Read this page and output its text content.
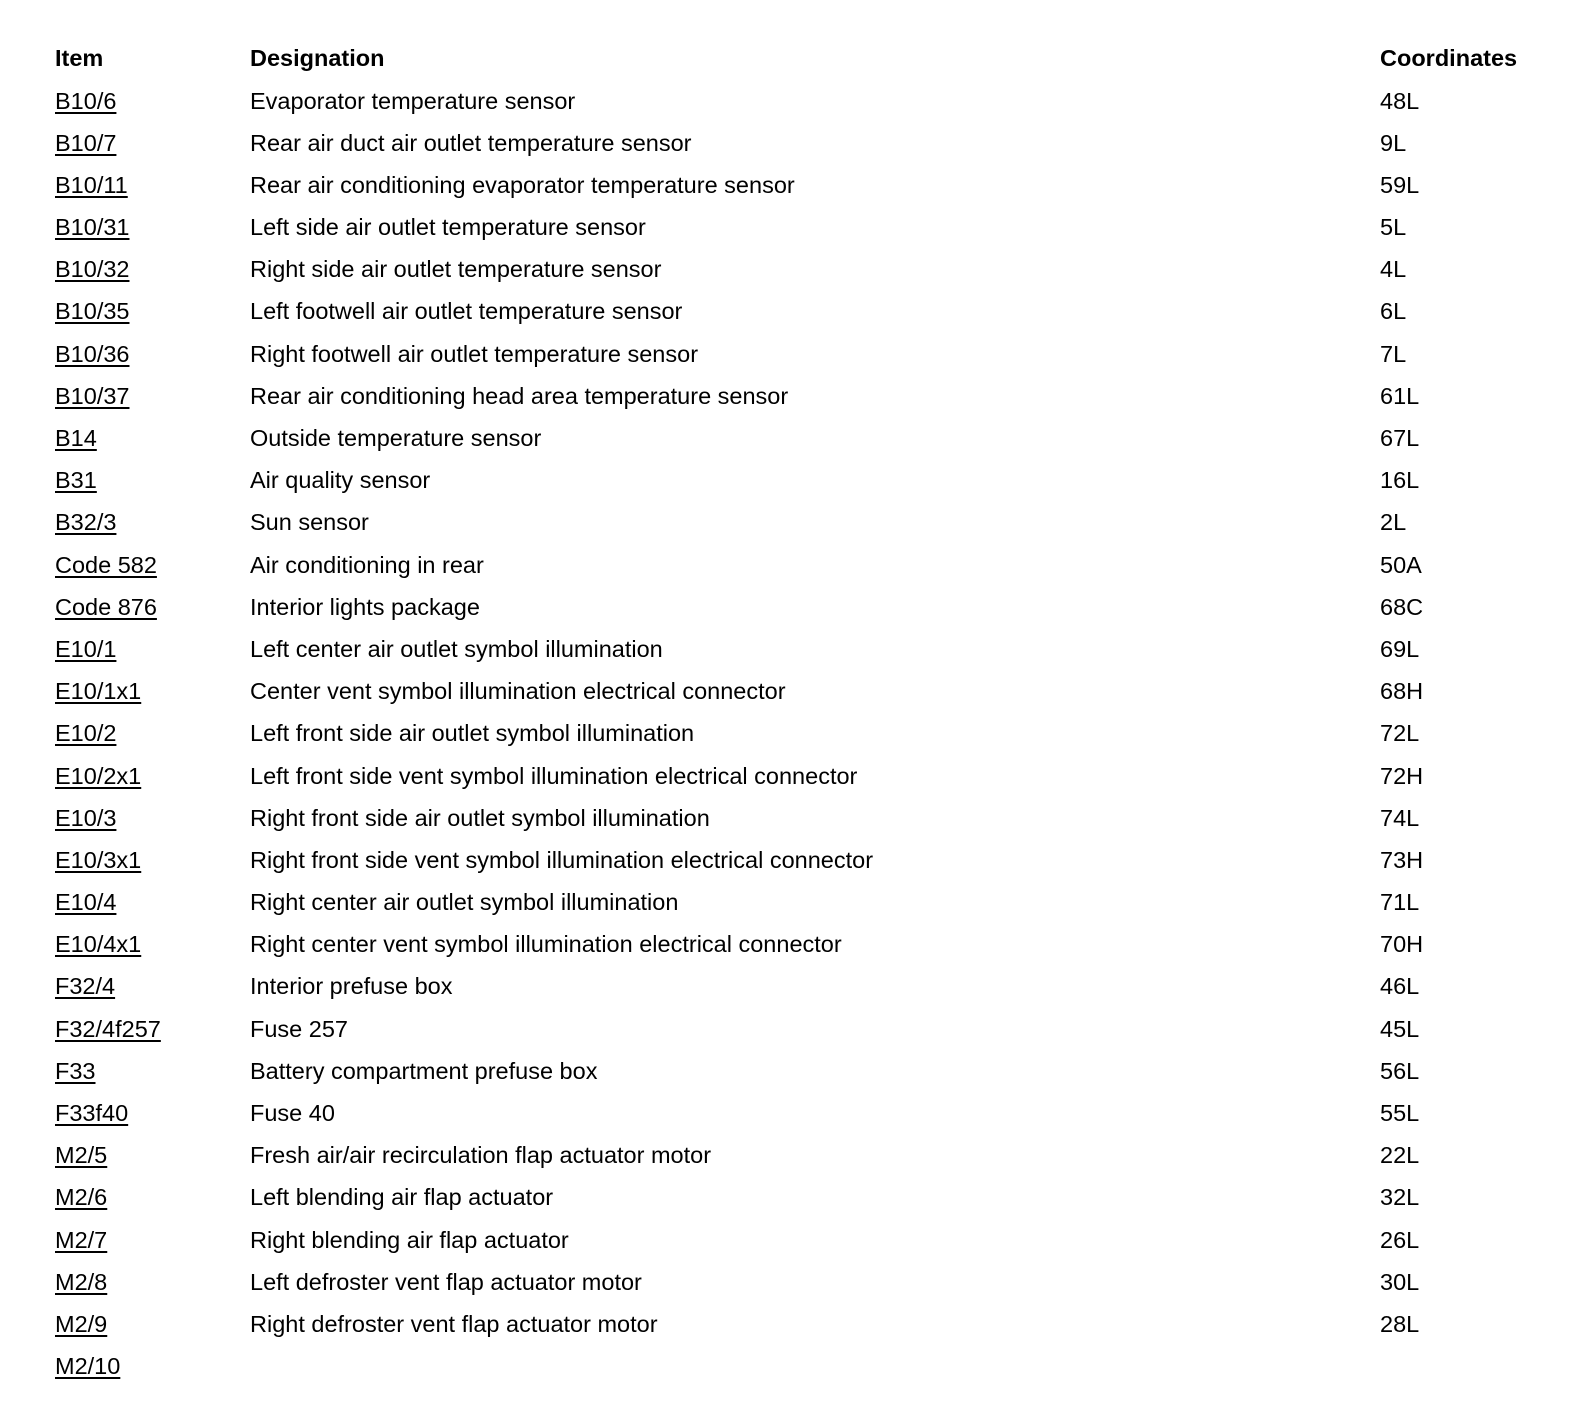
Item	Designation	Coordinates
B10/6	Evaporator temperature sensor	48L
B10/7	Rear air duct air outlet temperature sensor	9L
B10/11	Rear air conditioning evaporator temperature sensor	59L
B10/31	Left side air outlet temperature sensor	5L
B10/32	Right side air outlet temperature sensor	4L
B10/35	Left footwell air outlet temperature sensor	6L
B10/36	Right footwell air outlet temperature sensor	7L
B10/37	Rear air conditioning head area temperature sensor	61L
B14	Outside temperature sensor	67L
B31	Air quality sensor	16L
B32/3	Sun sensor	2L
Code 582	Air conditioning in rear	50A
Code 876	Interior lights package	68C
E10/1	Left center air outlet symbol illumination	69L
E10/1x1	Center vent symbol illumination electrical connector	68H
E10/2	Left front side air outlet symbol illumination	72L
E10/2x1	Left front side vent symbol illumination electrical connector	72H
E10/3	Right front side air outlet symbol illumination	74L
E10/3x1	Right front side vent symbol illumination electrical connector	73H
E10/4	Right center air outlet symbol illumination	71L
E10/4x1	Right center vent symbol illumination electrical connector	70H
F32/4	Interior prefuse box	46L
F32/4f257	Fuse 257	45L
F33	Battery compartment prefuse box	56L
F33f40	Fuse 40	55L
M2/5	Fresh air/air recirculation flap actuator motor	22L
M2/6	Left blending air flap actuator	32L
M2/7	Right blending air flap actuator	26L
M2/8	Left defroster vent flap actuator motor	30L
M2/9	Right defroster vent flap actuator motor	28L
M2/10
